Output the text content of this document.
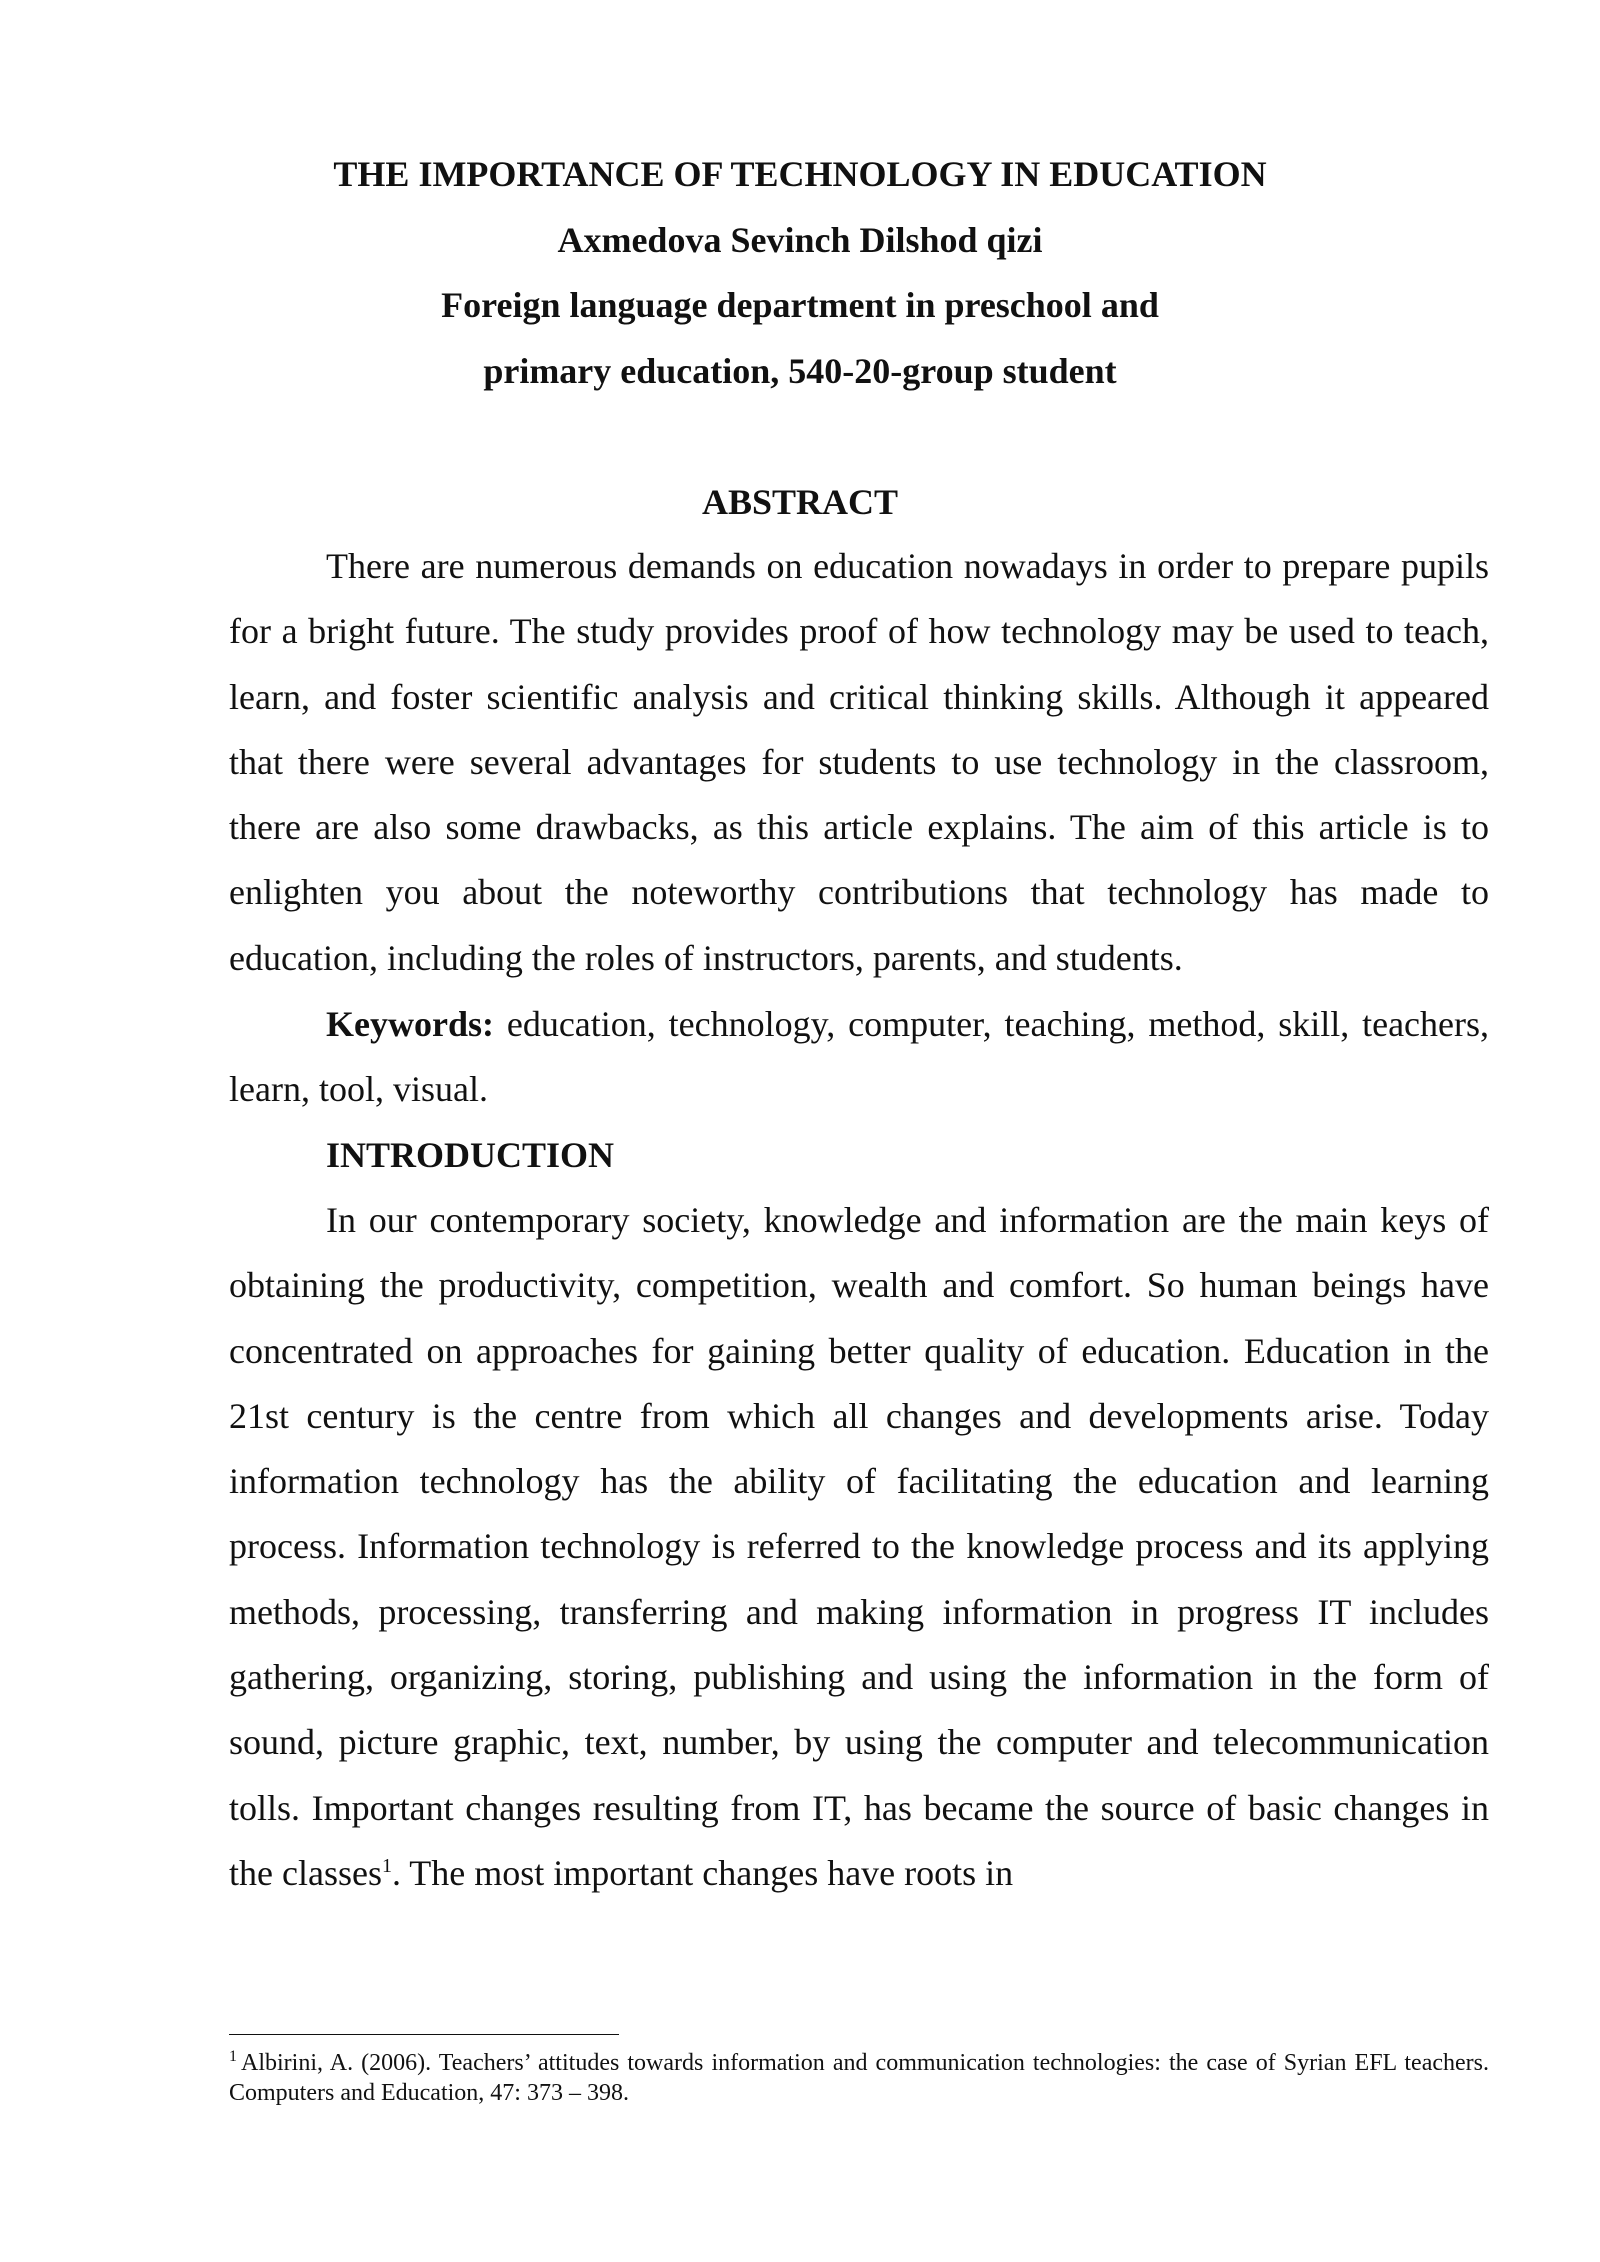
THE IMPORTANCE OF TECHNOLOGY IN EDUCATION
Axmedova Sevinch Dilshod qizi
Foreign language department in preschool and
primary education, 540-20-group student
ABSTRACT

There are numerous demands on education nowadays in order to prepare pupils for a bright future. The study provides proof of how technology may be used to teach, learn, and foster scientific analysis and critical thinking skills. Although it appeared that there were several advantages for students to use technology in the classroom, there are also some drawbacks, as this article explains. The aim of this article is to enlighten you about the noteworthy contributions that technology has made to education, including the roles of instructors, parents, and students.

Keywords: education, technology, computer, teaching, method, skill, teachers, learn, tool, visual.

INTRODUCTION

In our contemporary society, knowledge and information are the main keys of obtaining the productivity, competition, wealth and comfort. So human beings have concentrated on approaches for gaining better quality of education. Education in the 21st century is the centre from which all changes and developments arise. Today information technology has the ability of facilitating the education and learning process. Information technology is referred to the knowledge process and its applying methods, processing, transferring and making information in progress IT includes gathering, organizing, storing, publishing and using the information in the form of sound, picture graphic, text, number, by using the computer and telecommunication tolls. Important changes resulting from IT, has became the source of basic changes in the classes$^1$. The most important changes have roots in

$^1$ Albirini, A. (2006). Teachers’ attitudes towards information and communication technologies: the case of Syrian EFL teachers. Computers and Education, 47: 373 – 398.
